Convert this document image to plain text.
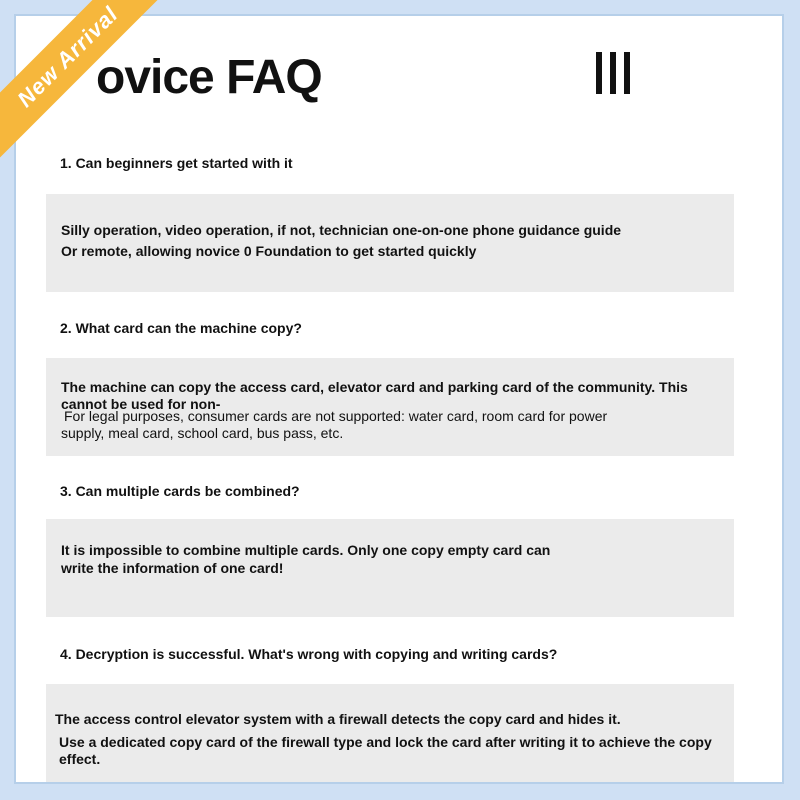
ovice FAQ
1. Can beginners get started with it
Silly operation, video operation, if not, technician one-on-one phone guidance guide
Or remote, allowing novice 0 Foundation to get started quickly
2. What card can the machine copy?
The machine can copy the access card, elevator card and parking card of the community. This
cannot be used for non-
For legal purposes, consumer cards are not supported: water card, room card for power
supply, meal card, school card, bus pass, etc.
3. Can multiple cards be combined?
It is impossible to combine multiple cards. Only one copy empty card can
write the information of one card!
4. Decryption is successful. What's wrong with copying and writing cards?
The access control elevator system with a firewall detects the copy card and hides it.
Use a dedicated copy card of the firewall type and lock the card after writing it to achieve the copy
effect.
New Arrival
